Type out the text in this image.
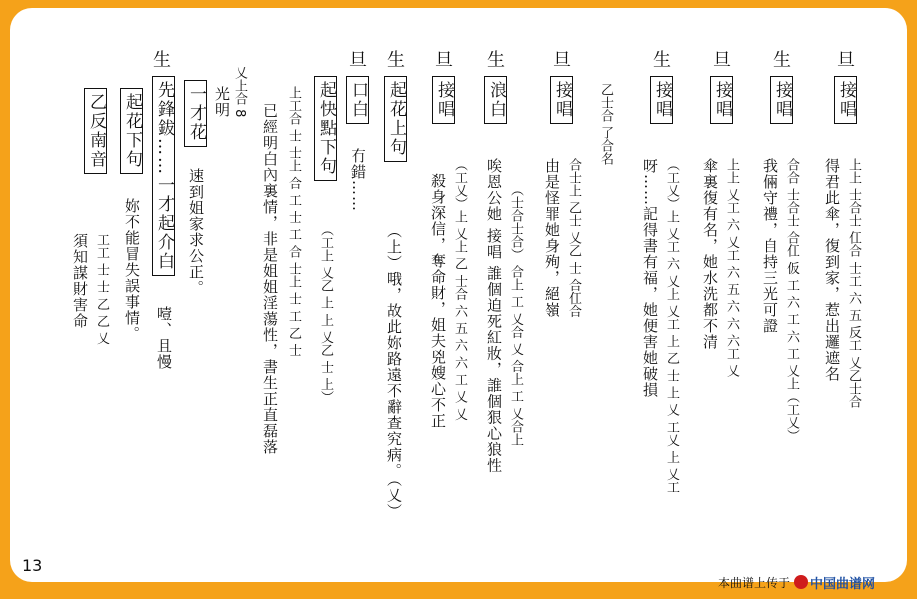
旦
接唱
上上 士合士 仜合 士工 六 五 反工 乂乙士合
得君此傘，復到家，惹出邏遮名
生
接唱
合合 士合士 合仜 仮 工 六 工 六 工 乂上（工乂）
我倆守禮，自持三光可證
旦
接唱
上上 乂工 六 乂工 六 五 六 六 六工 乂
傘裏復有名，她水洗都不清
生
接唱
（工乂）上 乂工 六 乂上 乂工 上 乙 士 上 乂 工乂 上 乂工
呀……記得書有福，她便害她破損
旦
接唱 乙士合 了合名
合士上 乙士 乂乙 士 合仜合
由是怪罪她身殉，絕嶺
生
浪白
（士合士合） 合上 工 乂合 乂 合上 工 乂合上
唉恩公她 接唱 誰個迫死紅妝，誰個狠心狼性
旦
接唱
（工乂）上 乂上 乙 士合 六 五 六 六 工 乂 乂
殺身深信，奪命財，姐夫兇嫂心不正
生
起花上句
（上）哦，故此妳路遠不辭查究病。（乂）
旦
口白
冇錯……
起快點下句
（工上 乂乙 上 上 乂乙 士 上）
上工合 士 士上 合 工 士 工 合 士上 士 工 乙 士
已經明白內裏情，非是姐姐淫蕩性，書生正直磊落
乂上合 8
光明
一才花
速到姐家求公正。
生
先鋒鈸……一才起介白
噎、且慢
起花下句
妳不能冒失誤事情。
乙反南音
工工 士 士 乙 乙 乂
須知謀財害命
13
本曲谱上传于 中国曲谱网
